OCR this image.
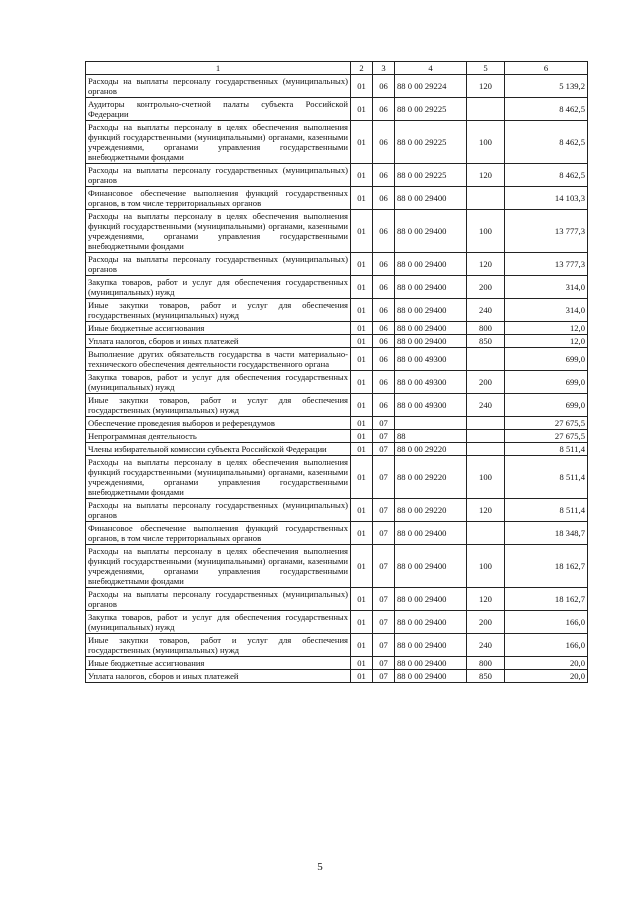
1	2	3	4	5	6
Расходы на выплаты персоналу государственных (муниципальных) органов	01	06	88 0 00 29224	120	5 139,2
Аудиторы контрольно-счетной палаты субъекта Российской Федерации	01	06	88 0 00 29225		8 462,5
Расходы на выплаты персоналу в целях обеспечения выполнения функций государственными (муниципальными) органами, казенными учреждениями, органами управления государственными внебюджетными фондами	01	06	88 0 00 29225	100	8 462,5
Расходы на выплаты персоналу государственных (муниципальных) органов	01	06	88 0 00 29225	120	8 462,5
Финансовое обеспечение выполнения функций государственных органов, в том числе территориальных органов	01	06	88 0 00 29400		14 103,3
Расходы на выплаты персоналу в целях обеспечения выполнения функций государственными (муниципальными) органами, казенными учреждениями, органами управления государственными внебюджетными фондами	01	06	88 0 00 29400	100	13 777,3
Расходы на выплаты персоналу государственных (муниципальных) органов	01	06	88 0 00 29400	120	13 777,3
Закупка товаров, работ и услуг для обеспечения государственных (муниципальных) нужд	01	06	88 0 00 29400	200	314,0
Иные закупки товаров, работ и услуг для обеспечения государственных (муниципальных) нужд	01	06	88 0 00 29400	240	314,0
Иные бюджетные ассигнования	01	06	88 0 00 29400	800	12,0
Уплата налогов, сборов и иных платежей	01	06	88 0 00 29400	850	12,0
Выполнение других обязательств государства в части материально-технического обеспечения деятельности государственного органа	01	06	88 0 00 49300		699,0
Закупка товаров, работ и услуг для обеспечения государственных (муниципальных) нужд	01	06	88 0 00 49300	200	699,0
Иные закупки товаров, работ и услуг для обеспечения государственных (муниципальных) нужд	01	06	88 0 00 49300	240	699,0
Обеспечение проведения выборов и референдумов	01	07			27 675,5
Непрограммная деятельность	01	07	88		27 675,5
Члены избирательной комиссии субъекта Российской Федерации	01	07	88 0 00 29220		8 511,4
Расходы на выплаты персоналу в целях обеспечения выполнения функций государственными (муниципальными) органами, казенными учреждениями, органами управления государственными внебюджетными фондами	01	07	88 0 00 29220	100	8 511,4
Расходы на выплаты персоналу государственных (муниципальных) органов	01	07	88 0 00 29220	120	8 511,4
Финансовое обеспечение выполнения функций государственных органов, в том числе территориальных органов	01	07	88 0 00 29400		18 348,7
Расходы на выплаты персоналу в целях обеспечения выполнения функций государственными (муниципальными) органами, казенными учреждениями, органами управления государственными внебюджетными фондами	01	07	88 0 00 29400	100	18 162,7
Расходы на выплаты персоналу государственных (муниципальных) органов	01	07	88 0 00 29400	120	18 162,7
Закупка товаров, работ и услуг для обеспечения государственных (муниципальных) нужд	01	07	88 0 00 29400	200	166,0
Иные закупки товаров, работ и услуг для обеспечения государственных (муниципальных) нужд	01	07	88 0 00 29400	240	166,0
Иные бюджетные ассигнования	01	07	88 0 00 29400	800	20,0
Уплата налогов, сборов и иных платежей	01	07	88 0 00 29400	850	20,0
5
